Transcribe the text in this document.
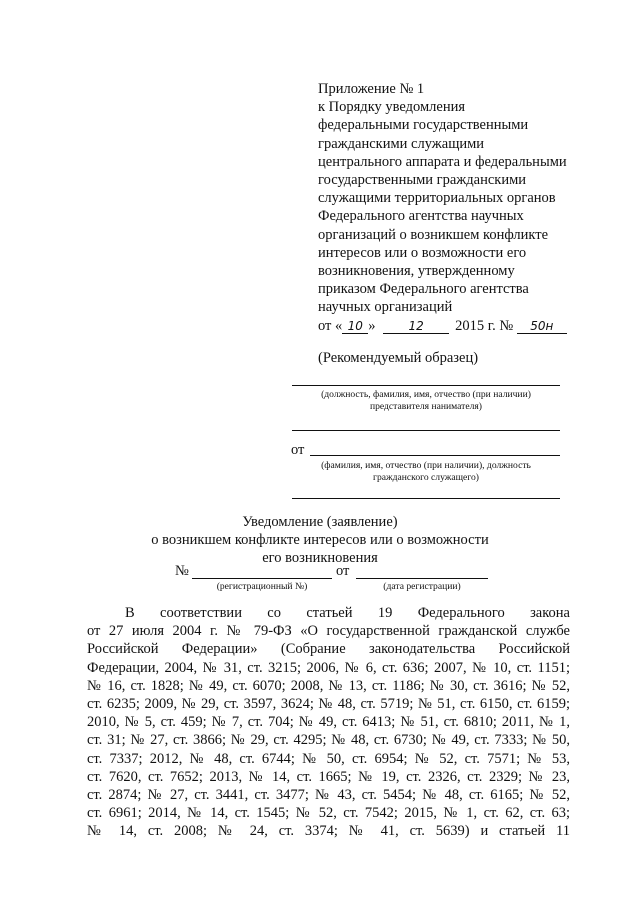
Приложение № 1
к Порядку уведомления
федеральными государственными
гражданскими служащими
центрального аппарата и федеральными
государственными гражданскими
служащими территориальных органов
Федерального агентства научных
организаций о возникшем конфликте
интересов или о возможности его
возникновения, утвержденному
приказом Федерального агентства
научных организаций
от « 10 »	12 2015 г. № 50н
(Рекомендуемый образец)
(должность, фамилия, имя, отчество (при наличии)
представителя нанимателя)
от
(фамилия, имя, отчество (при наличии), должность
гражданского служащего)
Уведомление (заявление)
о возникшем конфликте интересов или о возможности
его возникновения
№	от
(регистрационный №)	(дата регистрации)
В соответствии со статьей 19 Федерального закона
от 27 июля 2004 г. № 79-ФЗ «О государственной гражданской службе
Российской Федерации» (Собрание законодательства Российской
Федерации, 2004, № 31, ст. 3215; 2006, № 6, ст. 636; 2007, № 10, ст. 1151;
№ 16, ст. 1828; № 49, ст. 6070; 2008, № 13, ст. 1186; № 30, ст. 3616; № 52,
ст. 6235; 2009, № 29, ст. 3597, 3624; № 48, ст. 5719; № 51, ст. 6150, ст. 6159;
2010, № 5, ст. 459; № 7, ст. 704; № 49, ст. 6413; № 51, ст. 6810; 2011, № 1,
ст. 31; № 27, ст. 3866; № 29, ст. 4295; № 48, ст. 6730; № 49, ст. 7333; № 50,
ст. 7337; 2012, № 48, ст. 6744; № 50, ст. 6954; № 52, ст. 7571; № 53,
ст. 7620, ст. 7652; 2013, № 14, ст. 1665; № 19, ст. 2326, ст. 2329; № 23,
ст. 2874; № 27, ст. 3441, ст. 3477; № 43, ст. 5454; № 48, ст. 6165; № 52,
ст. 6961; 2014, № 14, ст. 1545; № 52, ст. 7542; 2015, № 1, ст. 62, ст. 63;
№ 14, ст. 2008; № 24, ст. 3374; № 41, ст. 5639) и статьей 11
